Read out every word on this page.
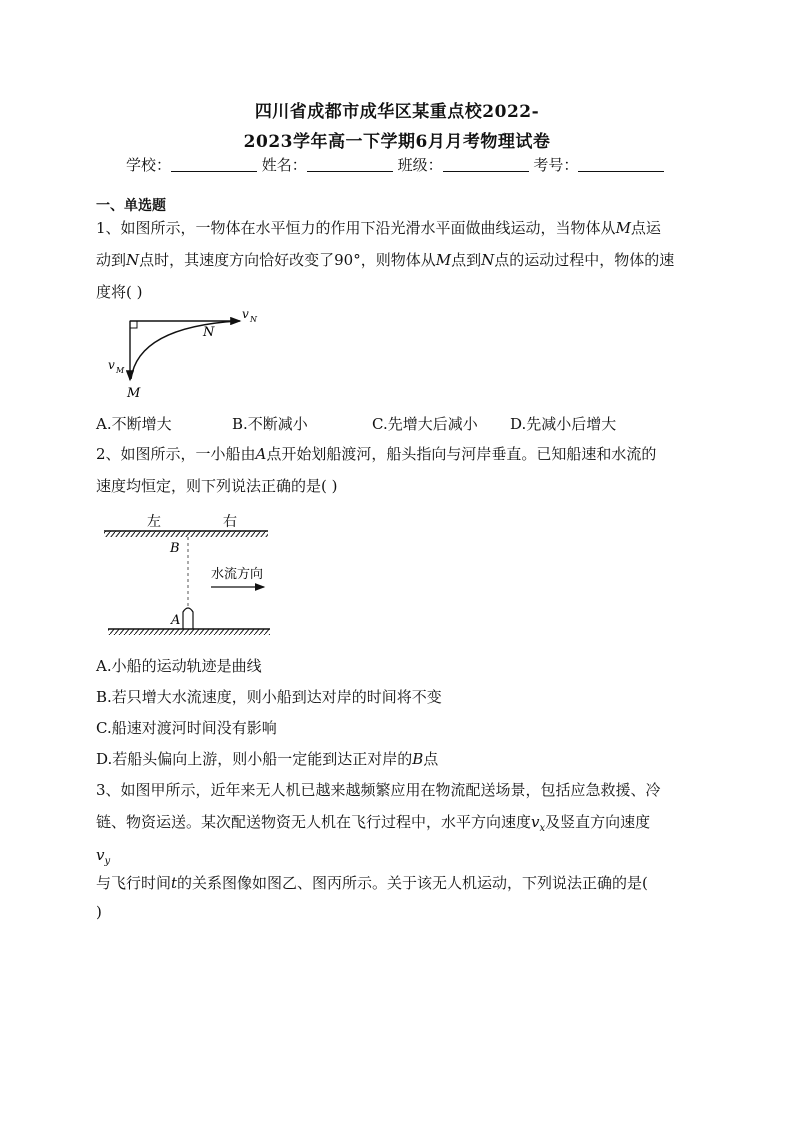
四川省成都市成华区某重点校2022-
2023学年高一下学期6月月考物理试卷
学校：	姓名：	班级：	考号：
一、单选题
1、如图所示，一物体在水平恒力的作用下沿光滑水平面做曲线运动，当物体从M点运
动到N点时，其速度方向恰好改变了90°，则物体从M点到N点的运动过程中，物体的速
度将( )
v N
N
v M
M
A.不断增大	B.不断减小	C.先增大后减小 D.先减小后增大
2、如图所示，一小船由A点开始划船渡河，船头指向与河岸垂直。已知船速和水流的
速度均恒定，则下列说法正确的是( )
左	右
B
水流方向
A
A.小船的运动轨迹是曲线
B.若只增大水流速度，则小船到达对岸的时间将不变
C.船速对渡河时间没有影响
D.若船头偏向上游，则小船一定能到达正对岸的B点
3、如图甲所示，近年来无人机已越来越频繁应用在物流配送场景，包括应急救援、冷
链、物资运送。某次配送物资无人机在飞行过程中，水平方向速度$v_x$及竖直方向速度
$v_y$
与飞行时间t的关系图像如图乙、图丙所示。关于该无人机运动，下列说法正确的是(
)
